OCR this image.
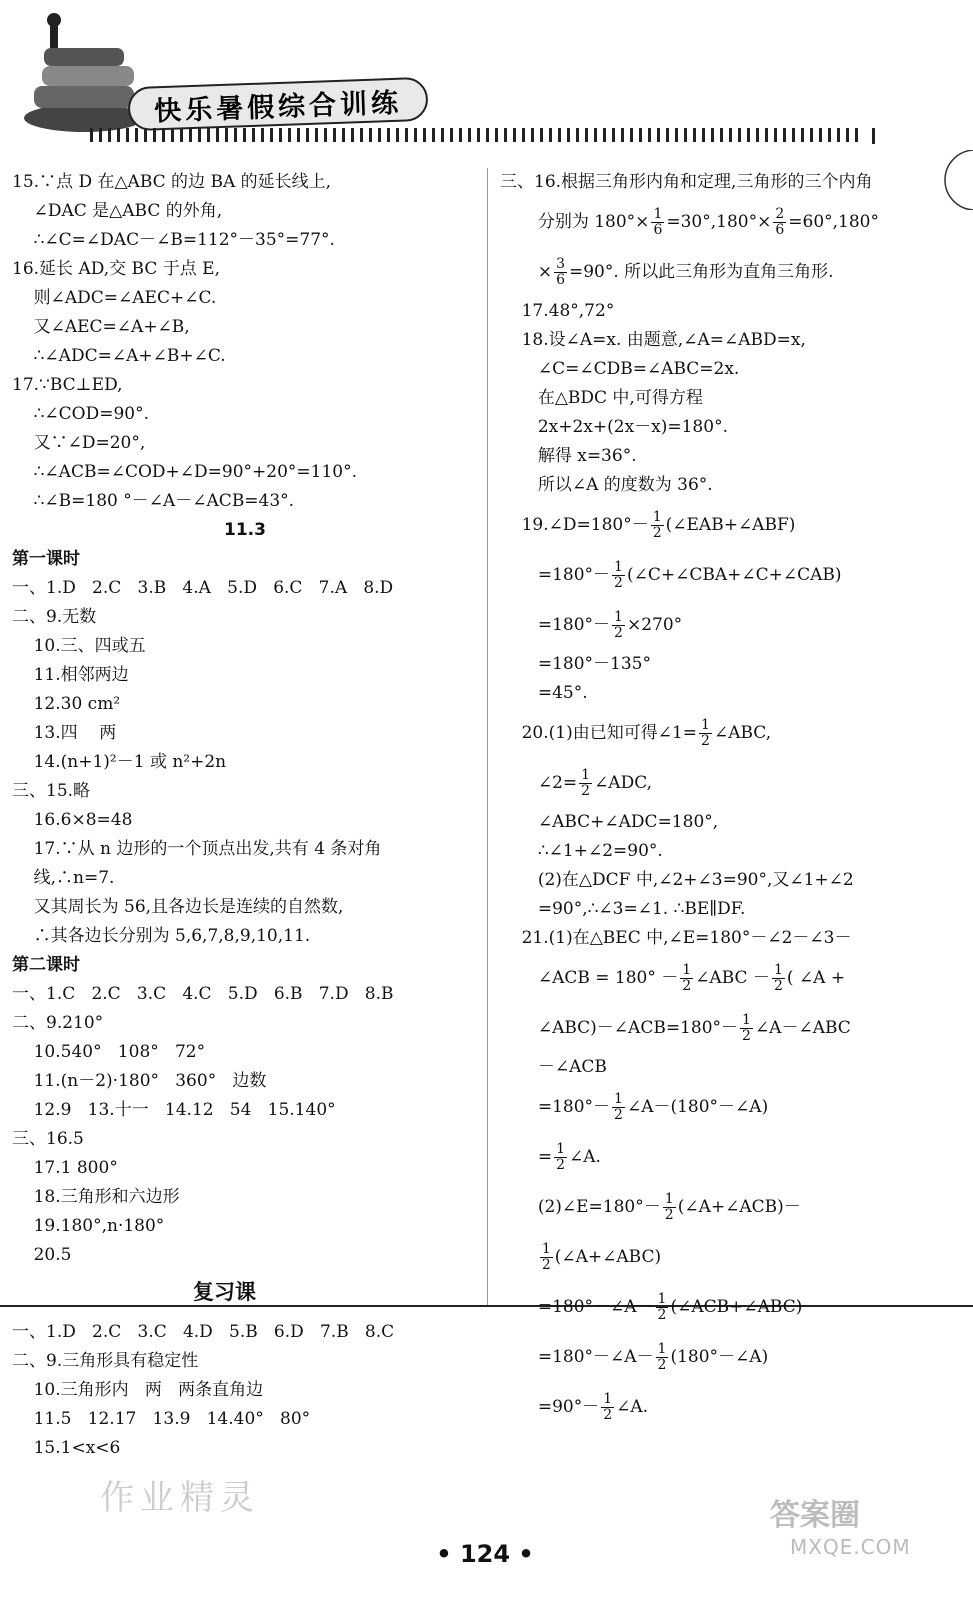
快乐暑假综合训练
15.∵点 D 在△ABC 的边 BA 的延长线上,
∠DAC 是△ABC 的外角,
∴∠C=∠DAC－∠B=112°－35°=77°.
16.延长 AD,交 BC 于点 E,
则∠ADC=∠AEC+∠C.
又∠AEC=∠A+∠B,
∴∠ADC=∠A+∠B+∠C.
17.∵BC⊥ED,
∴∠COD=90°.
又∵∠D=20°,
∴∠ACB=∠COD+∠D=90°+20°=110°.
∴∠B=180 °－∠A－∠ACB=43°.
11.3
第一课时
一、1.D   2.C   3.B   4.A   5.D   6.C   7.A   8.D
二、9.无数
10.三、四或五
11.相邻两边
12.30 cm²
13.四    两
14.(n+1)²－1 或 n²+2n
三、15.略
16.6×8=48
17.∵从 n 边形的一个顶点出发,共有 4 条对角
线,∴n=7.
又其周长为 56,且各边长是连续的自然数,
∴其各边长分别为 5,6,7,8,9,10,11.
第二课时
一、1.C   2.C   3.C   4.C   5.D   6.B   7.D   8.B
二、9.210°
10.540°   108°   72°
11.(n－2)·180°   360°   边数
12.9   13.十一   14.12   54   15.140°
三、16.5
17.1 800°
18.三角形和六边形
19.180°,n·180°
20.5
复习课
一、1.D   2.C   3.C   4.D   5.B   6.D   7.B   8.C
二、9.三角形具有稳定性
10.三角形内   两   两条直角边
11.5   12.17   13.9   14.40°   80°
15.1<x<6
三、16.根据三角形内角和定理,三角形的三个内角
分别为 $180^\circ\times \frac{1}{6} =30^\circ,180^\circ\times \frac{2}{6} =60^\circ,180^\circ$
× $\frac{3}{6} =90^\circ$. 所以此三角形为直角三角形.
17.48°,72°
18.设∠A=x. 由题意,∠A=∠ABD=x,
∠C=∠CDB=∠ABC=2x.
在△BDC 中,可得方程
2x+2x+(2x－x)=180°.
解得 x=36°.
所以∠A 的度数为 36°.
19.∠D=180°－ $\frac{1}{2}$ (∠EAB+∠ABF)
$=180^\circ- \frac{1}{2}$ (∠C+∠CBA+∠C+∠CAB)
$=180^\circ- \frac{1}{2} \times 270^\circ$
=180°－135°
=45°.
20.(1)由已知可得∠1= $\frac{1}{2}$ ∠ABC,
∠2= $\frac{1}{2}$ ∠ADC,
∠ABC+∠ADC=180°,
∴∠1+∠2=90°.
(2)在△DCF 中,∠2+∠3=90°,又∠1+∠2
=90°,∴∠3=∠1. ∴BE∥DF.
21.(1)在△BEC 中,∠E=180°－∠2－∠3－
∠ACB = $180^\circ - \frac{1}{2}$ ∠ABC － $\frac{1}{2}$ ( ∠A +
∠ABC)－∠ACB=180°－ $\frac{1}{2}$ ∠A－∠ABC
－∠ACB
$=180^\circ- \frac{1}{2}$ ∠A－(180°－∠A)
= $\frac{1}{2}$ ∠A.
(2)∠E=180°－ $\frac{1}{2}$ (∠A+∠ACB)－

$\frac{1}{2}$ (∠A+∠ABC)
=180°－∠A－ $\frac{1}{2}$ (∠ACB+∠ABC)
=180°－∠A－ $\frac{1}{2}$ (180°－∠A)
$=90^\circ- \frac{1}{2}$ ∠A.
作业精灵	答案圈
MXQE.COM
• 124 •
